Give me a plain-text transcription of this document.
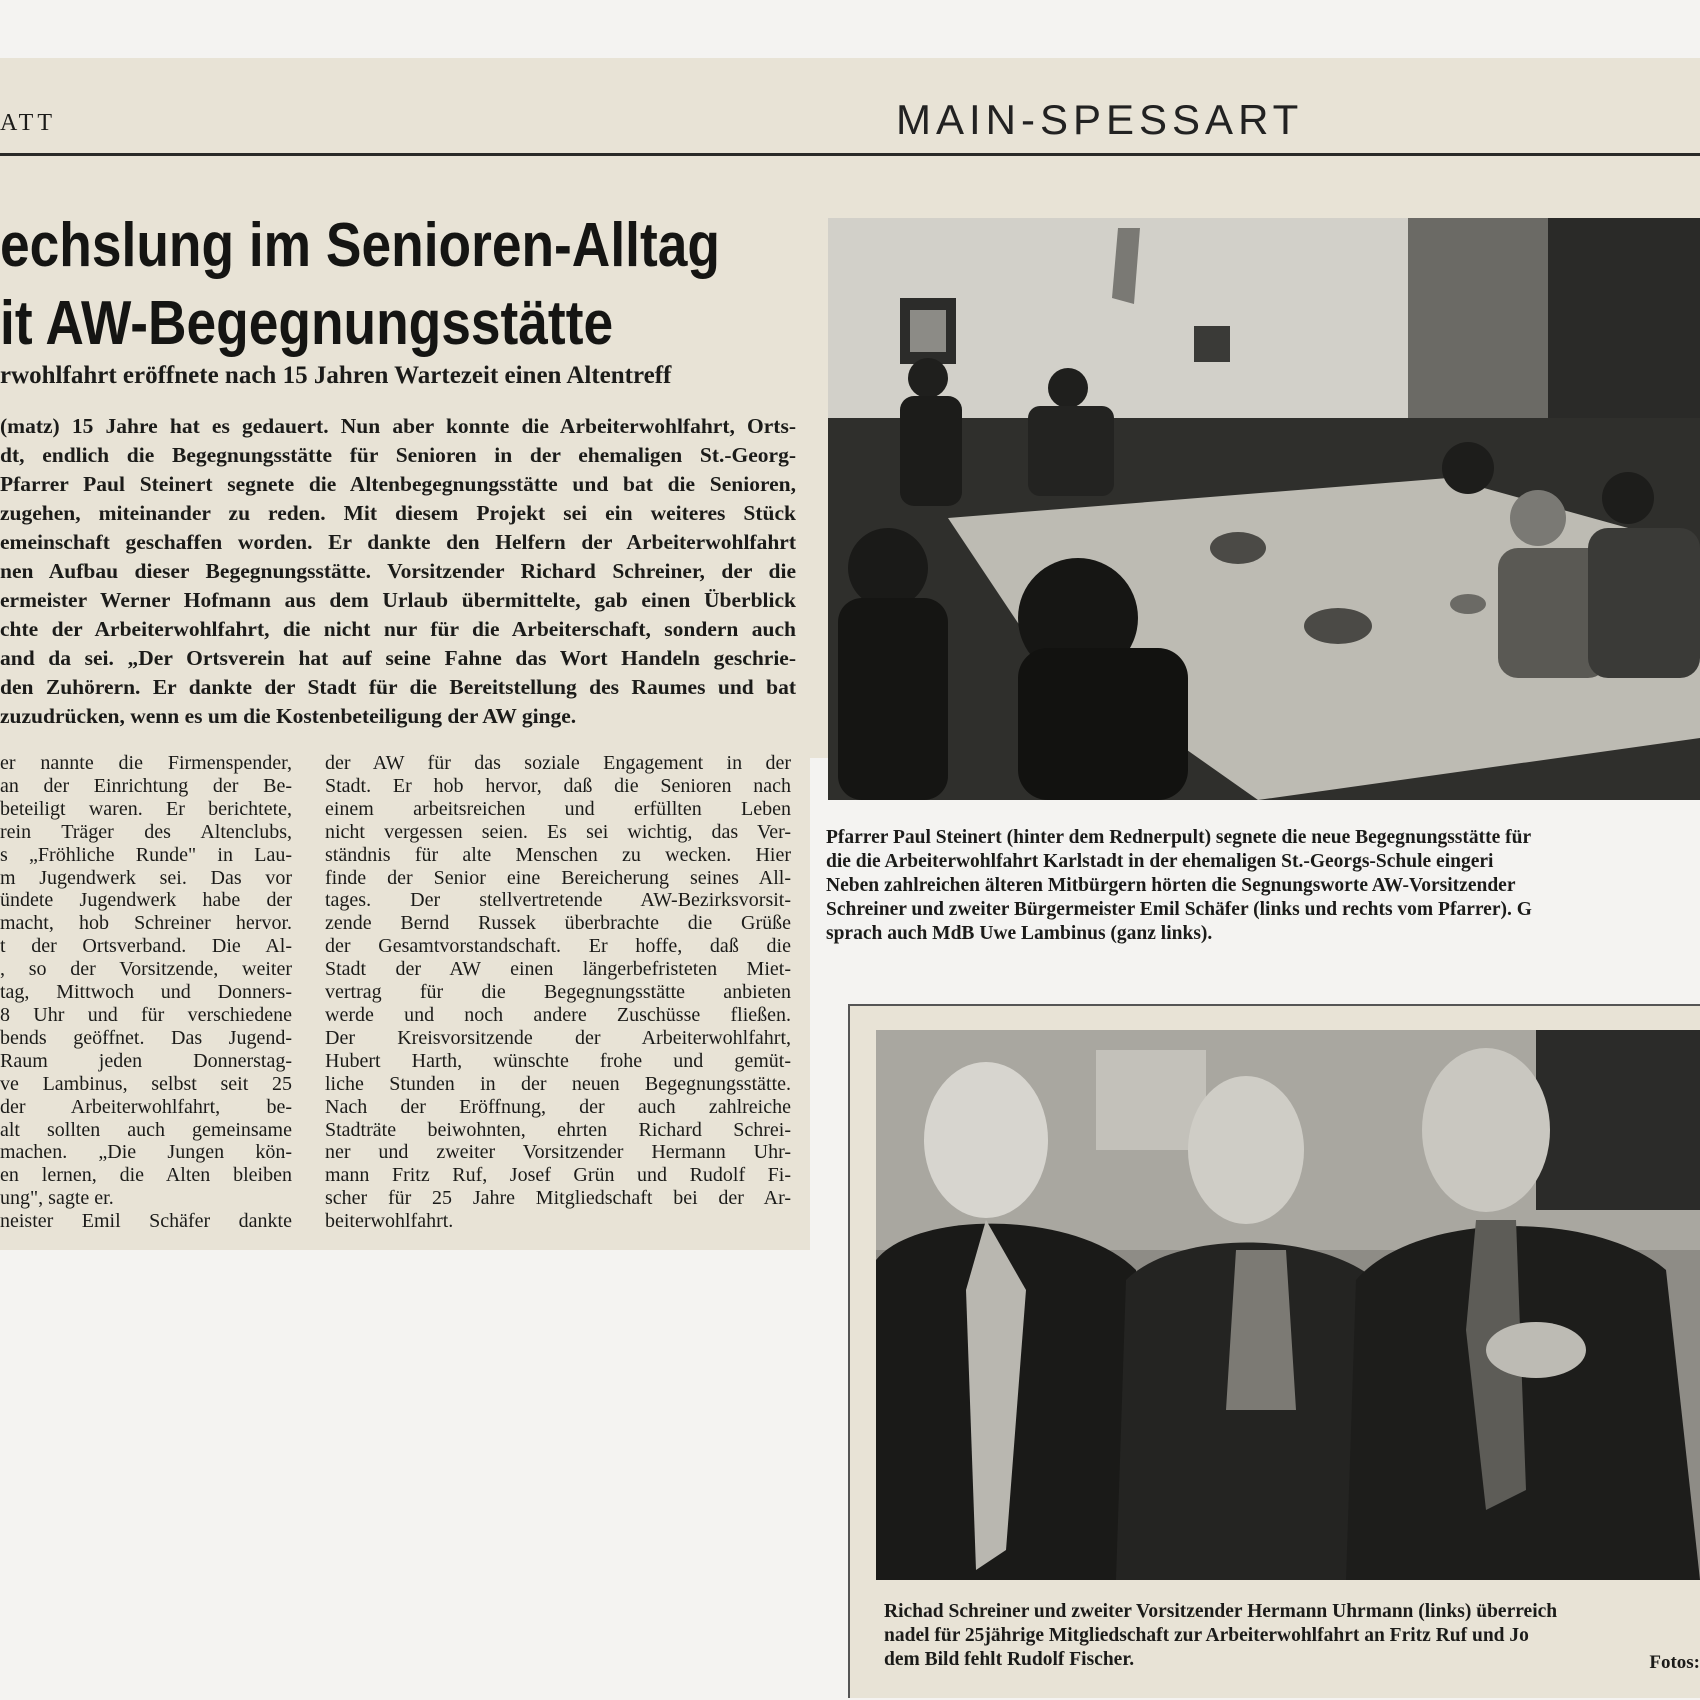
ATT	MAIN-SPESSART
echslung im Senioren-Alltag
it AW-Begegnungsstätte
rwohlfahrt eröffnete nach 15 Jahren Wartezeit einen Altentreff

(matz) 15 Jahre hat es gedauert. Nun aber konnte die Arbeiterwohlfahrt, Orts-

dt, endlich die Begegnungsstätte für Senioren in der ehemaligen St.-Georg-

Pfarrer Paul Steinert segnete die Altenbegegnungsstätte und bat die Senioren,

zugehen, miteinander zu reden. Mit diesem Projekt sei ein weiteres Stück

emeinschaft geschaffen worden. Er dankte den Helfern der Arbeiterwohlfahrt

nen Aufbau dieser Begegnungsstätte. Vorsitzender Richard Schreiner, der die

ermeister Werner Hofmann aus dem Urlaub übermittelte, gab einen Überblick

chte der Arbeiterwohlfahrt, die nicht nur für die Arbeiterschaft, sondern auch

and da sei. „Der Ortsverein hat auf seine Fahne das Wort Handeln geschrie-

den Zuhörern. Er dankte der Stadt für die Bereitstellung des Raumes und bat

zuzudrücken, wenn es um die Kostenbeteiligung der AW ginge.

er nannte die Firmenspender,

an der Einrichtung der Be-

beteiligt waren. Er berichtete,

rein Träger des Altenclubs,

s „Fröhliche Runde" in Lau-

m Jugendwerk sei. Das vor

ündete Jugendwerk habe der

macht, hob Schreiner hervor.

t der Ortsverband. Die Al-

, so der Vorsitzende, weiter

tag, Mittwoch und Donners-

8 Uhr und für verschiedene

bends geöffnet. Das Jugend-

Raum jeden Donnerstag-

ve Lambinus, selbst seit 25

der Arbeiterwohlfahrt, be-

alt sollten auch gemeinsame

machen. „Die Jungen kön-

en lernen, die Alten bleiben

ung", sagte er.

neister Emil Schäfer dankte

der AW für das soziale Engagement in der

Stadt. Er hob hervor, daß die Senioren nach

einem arbeitsreichen und erfüllten Leben

nicht vergessen seien. Es sei wichtig, das Ver-

ständnis für alte Menschen zu wecken. Hier

finde der Senior eine Bereicherung seines All-

tages. Der stellvertretende AW-Bezirksvorsit-

zende Bernd Russek überbrachte die Grüße

der Gesamtvorstandschaft. Er hoffe, daß die

Stadt der AW einen längerbefristeten Miet-

vertrag für die Begegnungsstätte anbieten

werde und noch andere Zuschüsse fließen.

Der Kreisvorsitzende der Arbeiterwohlfahrt,

Hubert Harth, wünschte frohe und gemüt-

liche Stunden in der neuen Begegnungsstätte.

Nach der Eröffnung, der auch zahlreiche

Stadträte beiwohnten, ehrten Richard Schrei-

ner und zweiter Vorsitzender Hermann Uhr-

mann Fritz Ruf, Josef Grün und Rudolf Fi-

scher für 25 Jahre Mitgliedschaft bei der Ar-

beiterwohlfahrt.

Pfarrer Paul Steinert (hinter dem Rednerpult) segnete die neue Begegnungsstätte für

die die Arbeiterwohlfahrt Karlstadt in der ehemaligen St.-Georgs-Schule eingeri

Neben zahlreichen älteren Mitbürgern hörten die Segnungsworte AW-Vorsitzender

Schreiner und zweiter Bürgermeister Emil Schäfer (links und rechts vom Pfarrer). G

sprach auch MdB Uwe Lambinus (ganz links).

Richad Schreiner und zweiter Vorsitzender Hermann Uhrmann (links) überreich

nadel für 25jährige Mitgliedschaft zur Arbeiterwohlfahrt an Fritz Ruf und Jo

dem Bild fehlt Rudolf Fischer.	Fotos:
